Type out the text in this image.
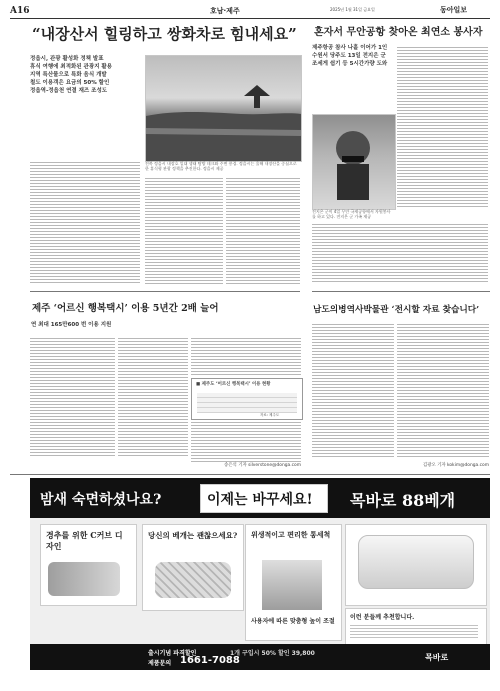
A16	호남·제주	2025년 1월 31일 금요일	동아일보
“내장산서 힐링하고 쌍화차로 힘내세요”
정읍시, 관광 활성화 정책 발표
휴식 여행에 최적화된 관광지 활용
지역 특산물으로 특화 음식 개발
철도 이용객은 요금의 50% 할인
정읍역-정읍천 연결 재즈 조성도
전북 정읍시 내장호 일대 생태 탐방 데크와 주변 풍경. 정읍시는 올해 내장산을 중심으로 한 휴식형 관광 정책을 추진한다. 정읍시 제공
혼자서 무안공항 찾아온 최연소 봉사자
제주항공 참사 나흘 이어가 1인
수원서 당주도 13일 전지은 군
조세게 쉼기 등 5시간가량 도와
전지은 군이 4일 무안 국제공항에서 자원봉사를 하고 있다. 전지은 군 가족 제공
제주 ‘어르신 행복택시’ 이용 5년간 2배 늘어
연 최대 165만600 번 이용 지원
송은석 기자 silverstone@donga.com
■ 제주도 ‘어르신 행복택시’ 이용 현황
자료: 제주도
남도의병역사박물관 ‘전시할 자료 찾습니다’
김광오 기자 kokim@donga.com
밤새 숙면하셨나요?	이제는 바꾸세요! 목바로 88베개
경추를 위한 C커브 디자인
당신의 베개는 괜찮으세요? 위생적이고 편리한 통세척
사용자에 따른 맞춤형 높이 조절
이런 분들께 추천합니다.
출시기념 파격할인	1개 구입시 50% 할인 39,800
제품문의 1661-7088	목바로
